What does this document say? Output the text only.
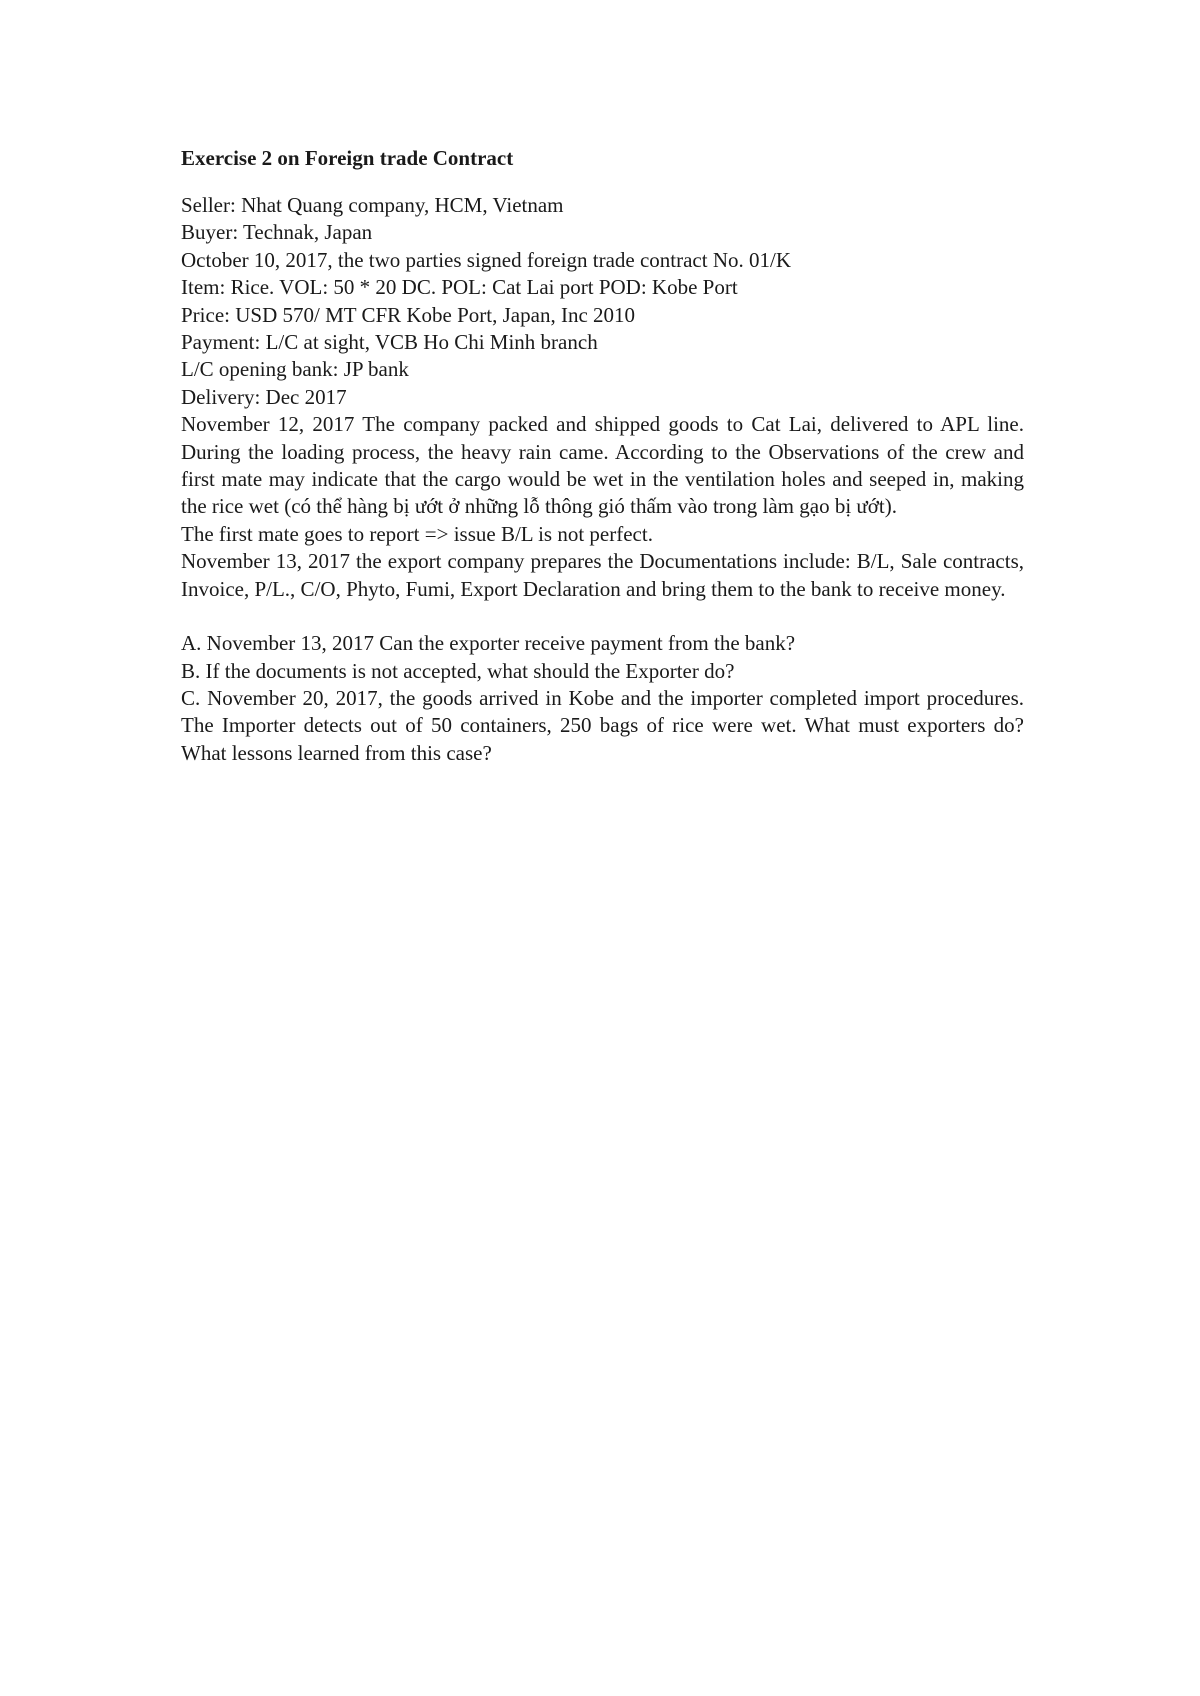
Exercise 2 on Foreign trade Contract

Seller: Nhat Quang company, HCM, Vietnam

Buyer: Technak, Japan

October 10, 2017, the two parties signed foreign trade contract No. 01/K

Item: Rice. VOL: 50 * 20 DC. POL: Cat Lai port POD: Kobe Port

Price: USD 570/ MT CFR Kobe Port, Japan, Inc 2010

Payment: L/C at sight, VCB Ho Chi Minh branch

L/C opening bank: JP bank

Delivery: Dec 2017

November 12, 2017 The company packed and shipped goods to Cat Lai, delivered to APL line. During the loading process, the heavy rain came. According to the Observations of the crew and first mate may indicate that the cargo would be wet in the ventilation holes and seeped in, making the rice wet (có thể hàng bị ướt ở những lỗ thông gió thấm vào trong làm gạo bị ướt).

The first mate goes to report => issue B/L is not perfect.

November 13, 2017 the export company prepares the Documentations include: B/L, Sale contracts, Invoice, P/L., C/O, Phyto, Fumi, Export Declaration and bring them to the bank to receive money.

A. November 13, 2017 Can the exporter receive payment from the bank?

B. If the documents is not accepted, what should the Exporter do?

C. November 20, 2017, the goods arrived in Kobe and the importer completed import procedures. The Importer detects out of 50 containers, 250 bags of rice were wet. What must exporters do? What lessons learned from this case?
